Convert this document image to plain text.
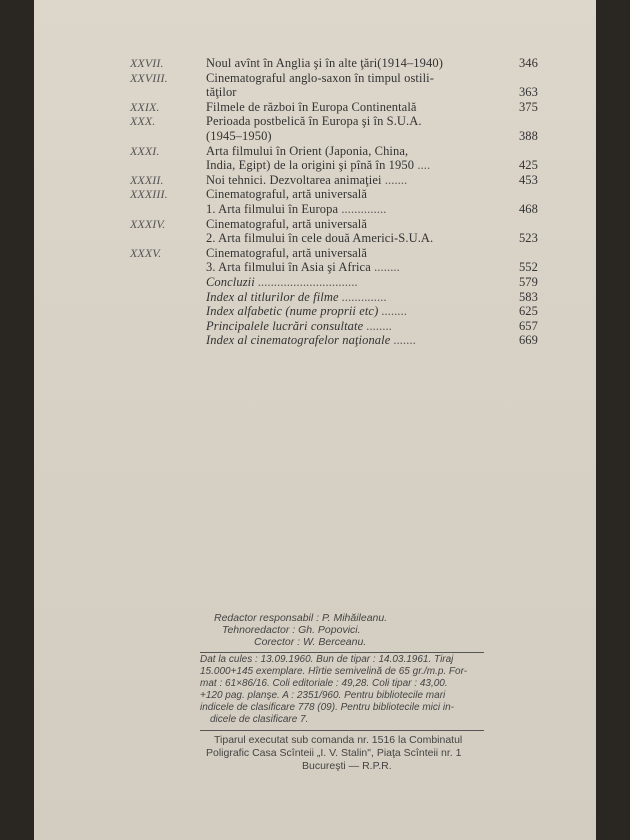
XXVII.	Noul avînt în Anglia şi în alte ţări(1914–1940)	346
XXVIII.	Cinematograful anglo-saxon în timpul ostili-
tăţilor	363
XXIX.	Filmele de război în Europa Continentală	375
XXX.	Perioada postbelică în Europa şi în S.U.A.
(1945–1950)	388
XXXI.	Arta filmului în Orient (Japonia, China,
India, Egipt) de la origini şi pînă în 1950 ....	425
XXXII.	Noi tehnici. Dezvoltarea animaţiei .......	453
XXXIII.	Cinematograful, artă universală
1. Arta filmului în Europa ..............	468
XXXIV.	Cinematograful, artă universală
2. Arta filmului în cele două Americi-S.U.A.	523
XXXV.	Cinematograful, artă universală
3. Arta filmului în Asia şi Africa ........	552
Concluzii ...............................	579
Index al titlurilor de filme ..............	583
Index alfabetic (nume proprii etc) ........	625
Principalele lucrări consultate ........	657
Index al cinematografelor naţionale .......	669
Redactor responsabil : P. Mihăileanu.
Tehnoredactor : Gh. Popovici.
Corector : W. Berceanu.
Dat la cules : 13.09.1960. Bun de tipar : 14.03.1961. Tiraj
15.000+145 exemplare. Hîrtie semivelină de 65 gr./m.p. For-
mat : 61×86/16. Coli editoriale : 49,28. Coli tipar : 43,00.
+120 pag. planşe. A : 2351/960. Pentru bibliotecile mari
indicele de clasificare 778 (09). Pentru bibliotecile mici in-
dicele de clasificare 7.
Tiparul executat sub comanda nr. 1516 la Combinatul
Poligrafic Casa Scînteii „I. V. Stalin", Piaţa Scînteii nr. 1
Bucureşti — R.P.R.
